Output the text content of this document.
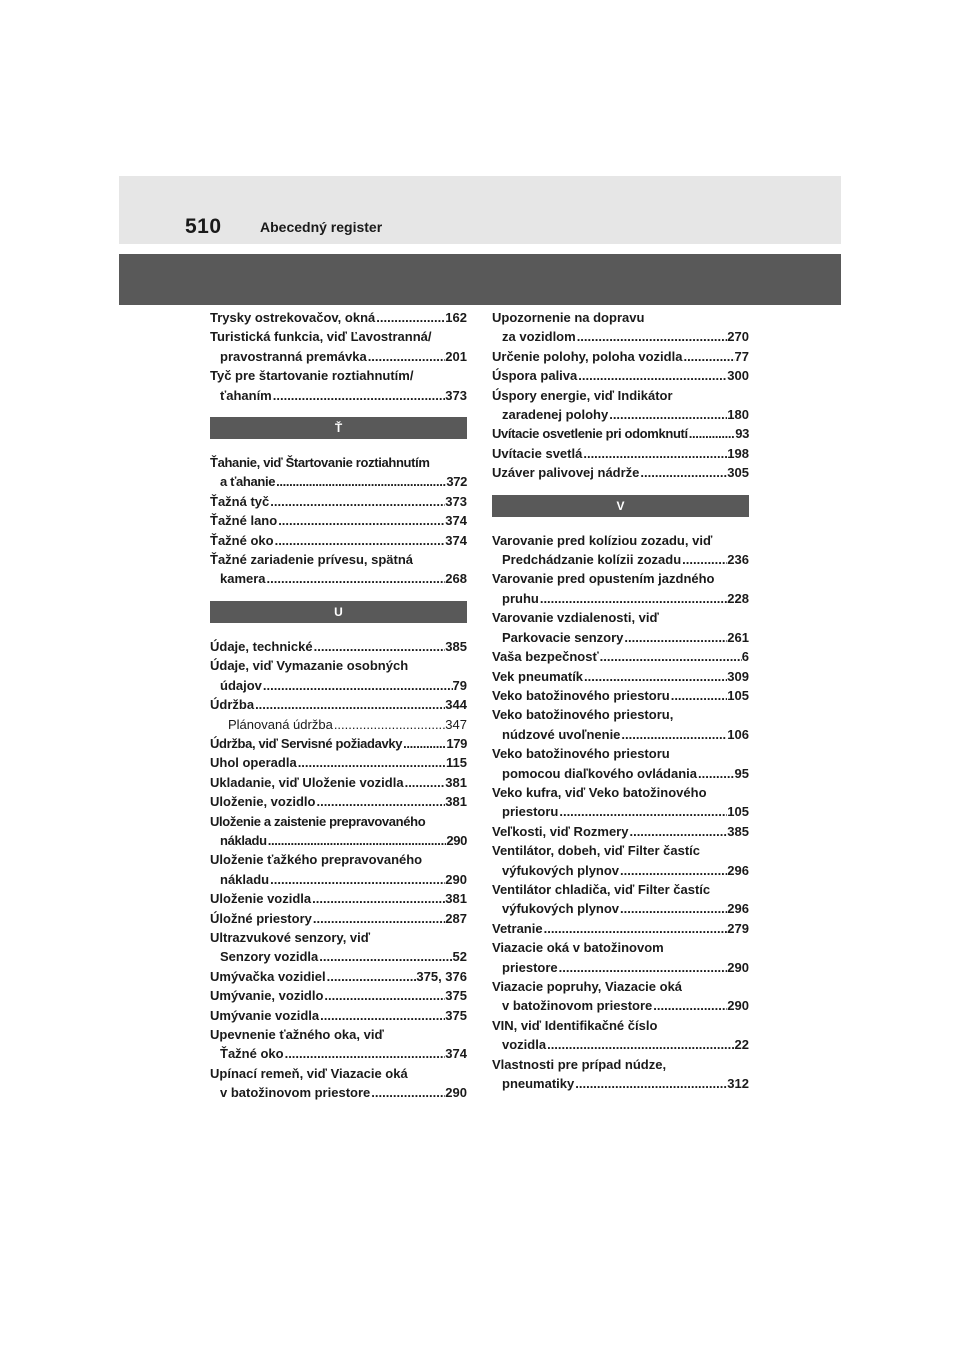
510	Abecedný register
Trysky ostrekovačov, okná .....	162
Turistická funkcia, viď Ľavostranná/
pravostranná premávka .....	201
Tyč pre štartovanie roztiahnutím/
ťahaním .....	373
Ť
Ťahanie, viď Štartovanie roztiahnutím
a ťahanie .....	372
Ťažná tyč .....	373
Ťažné lano .....	374
Ťažné oko .....	374
Ťažné zariadenie prívesu, spätná
kamera .....	268
U
Údaje, technické .....	385
Údaje, viď Vymazanie osobných
údajov .....	79
Údržba .....	344
Plánovaná údržba .....	347
Údržba, viď Servisné požiadavky .....	179
Uhol operadla .....	115
Ukladanie, viď Uloženie vozidla .....	381
Uloženie, vozidlo .....	381
Uloženie a zaistenie prepravovaného
nákladu .....	290
Uloženie ťažkého prepravovaného
nákladu .....	290
Uloženie vozidla .....	381
Úložné priestory .....	287
Ultrazvukové senzory, viď
Senzory vozidla .....	52
Umývačka vozidiel .....	375, 376
Umývanie, vozidlo .....	375
Umývanie vozidla .....	375
Upevnenie ťažného oka, viď
Ťažné oko .....	374
Upínací remeň, viď Viazacie oká
v batožinovom priestore .....	290
Upozornenie na dopravu
za vozidlom .....	270
Určenie polohy, poloha vozidla .....	77
Úspora paliva .....	300
Úspory energie, viď Indikátor
zaradenej polohy .....	180
Uvítacie osvetlenie pri odomknutí .....	93
Uvítacie svetlá .....	198
Uzáver palivovej nádrže .....	305
V
Varovanie pred kolíziou zozadu, viď
Predchádzanie kolízii zozadu .....	236
Varovanie pred opustením jazdného
pruhu .....	228
Varovanie vzdialenosti, viď
Parkovacie senzory .....	261
Vaša bezpečnosť .....	6
Vek pneumatík .....	309
Veko batožinového priestoru .....	105
Veko batožinového priestoru,
núdzové uvoľnenie .....	106
Veko batožinového priestoru
pomocou diaľkového ovládania .....	95
Veko kufra, viď Veko batožinového
priestoru .....	105
Veľkosti, viď Rozmery .....	385
Ventilátor, dobeh, viď Filter častíc
výfukových plynov .....	296
Ventilátor chladiča, viď Filter častíc
výfukových plynov .....	296
Vetranie .....	279
Viazacie oká v batožinovom
priestore .....	290
Viazacie popruhy, Viazacie oká
v batožinovom priestore .....	290
VIN, viď Identifikačné číslo
vozidla .....	22
Vlastnosti pre prípad núdze,
pneumatiky .....	312
